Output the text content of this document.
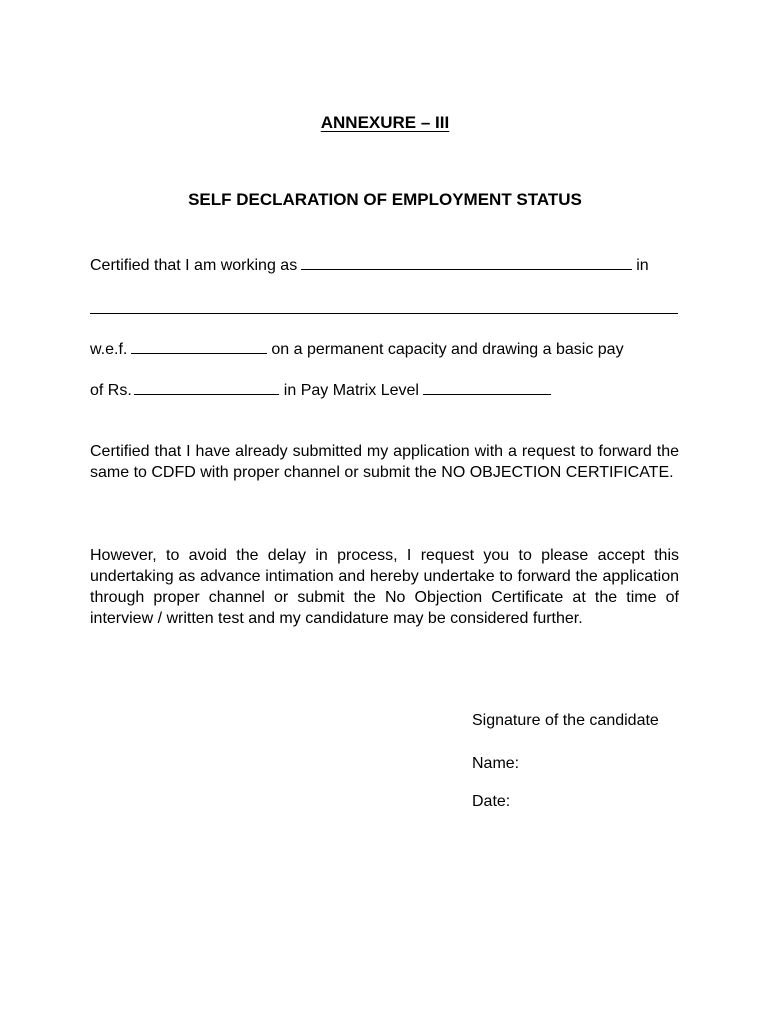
ANNEXURE – III
SELF DECLARATION OF EMPLOYMENT STATUS
Certified that I am working as	in
w.e.f.	on a permanent capacity and drawing a basic pay
of Rs.	in Pay Matrix Level

Certified that I have already submitted my application with a request to forward the same to CDFD with proper channel or submit the NO OBJECTION CERTIFICATE.

However, to avoid the delay in process, I request you to please accept this undertaking as advance intimation and hereby undertake to forward the application through proper channel or submit the No Objection Certificate at the time of interview / written test and my candidature may be considered further.

Signature of the candidate
Name:
Date:
